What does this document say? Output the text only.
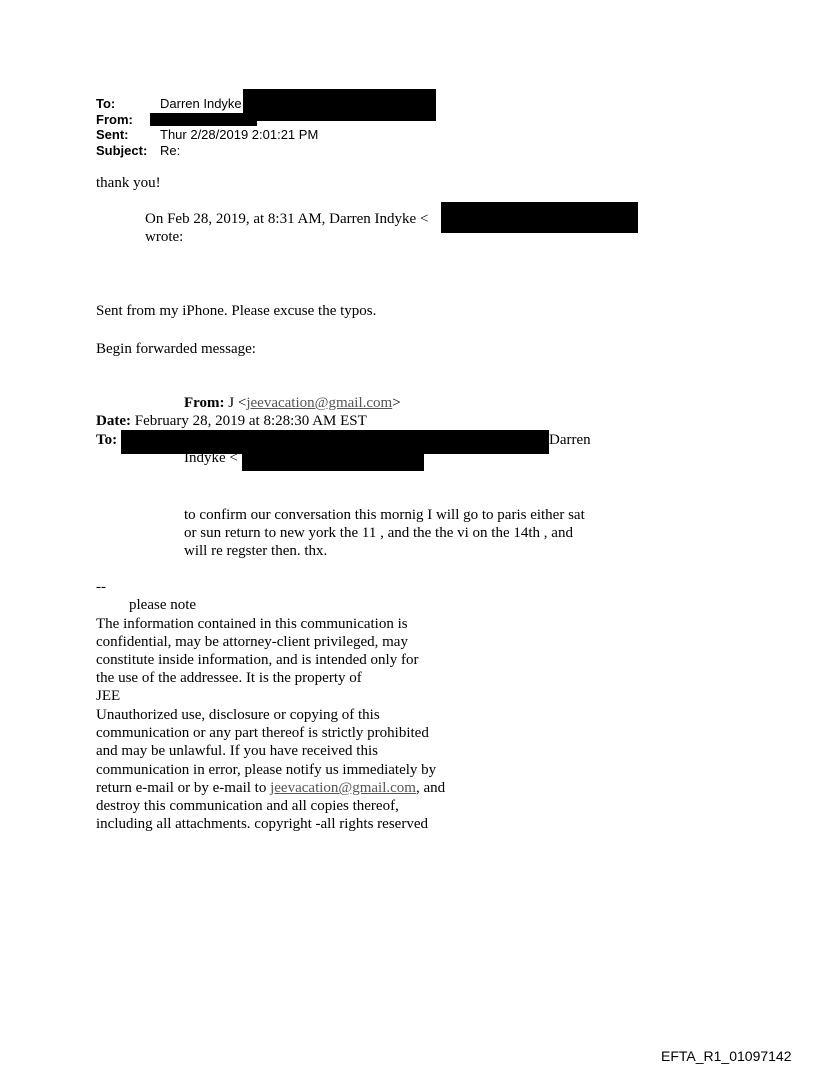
To:	Darren Indyke
From:
Sent: Thur 2/28/2019 2:01:21 PM
Subject: Re:
thank you!
On Feb 28, 2019, at 8:31 AM, Darren Indyke <
wrote:
Sent from my iPhone. Please excuse the typos.
Begin forwarded message:
From: J <jeevacation@gmail.com>
Date: February 28, 2019 at 8:28:30 AM EST
To:	Darren
Indyke <
to confirm our conversation this mornig I will go to paris either sat
or sun return to new york the 11 , and the the vi on the 14th , and
will re regster then. thx.
--
please note
The information contained in this communication is
confidential, may be attorney-client privileged, may
constitute inside information, and is intended only for
the use of the addressee. It is the property of
JEE
Unauthorized use, disclosure or copying of this
communication or any part thereof is strictly prohibited
and may be unlawful. If you have received this
communication in error, please notify us immediately by
return e-mail or by e-mail to jeevacation@gmail.com, and
destroy this communication and all copies thereof,
including all attachments. copyright -all rights reserved
EFTA_R1_01097142
